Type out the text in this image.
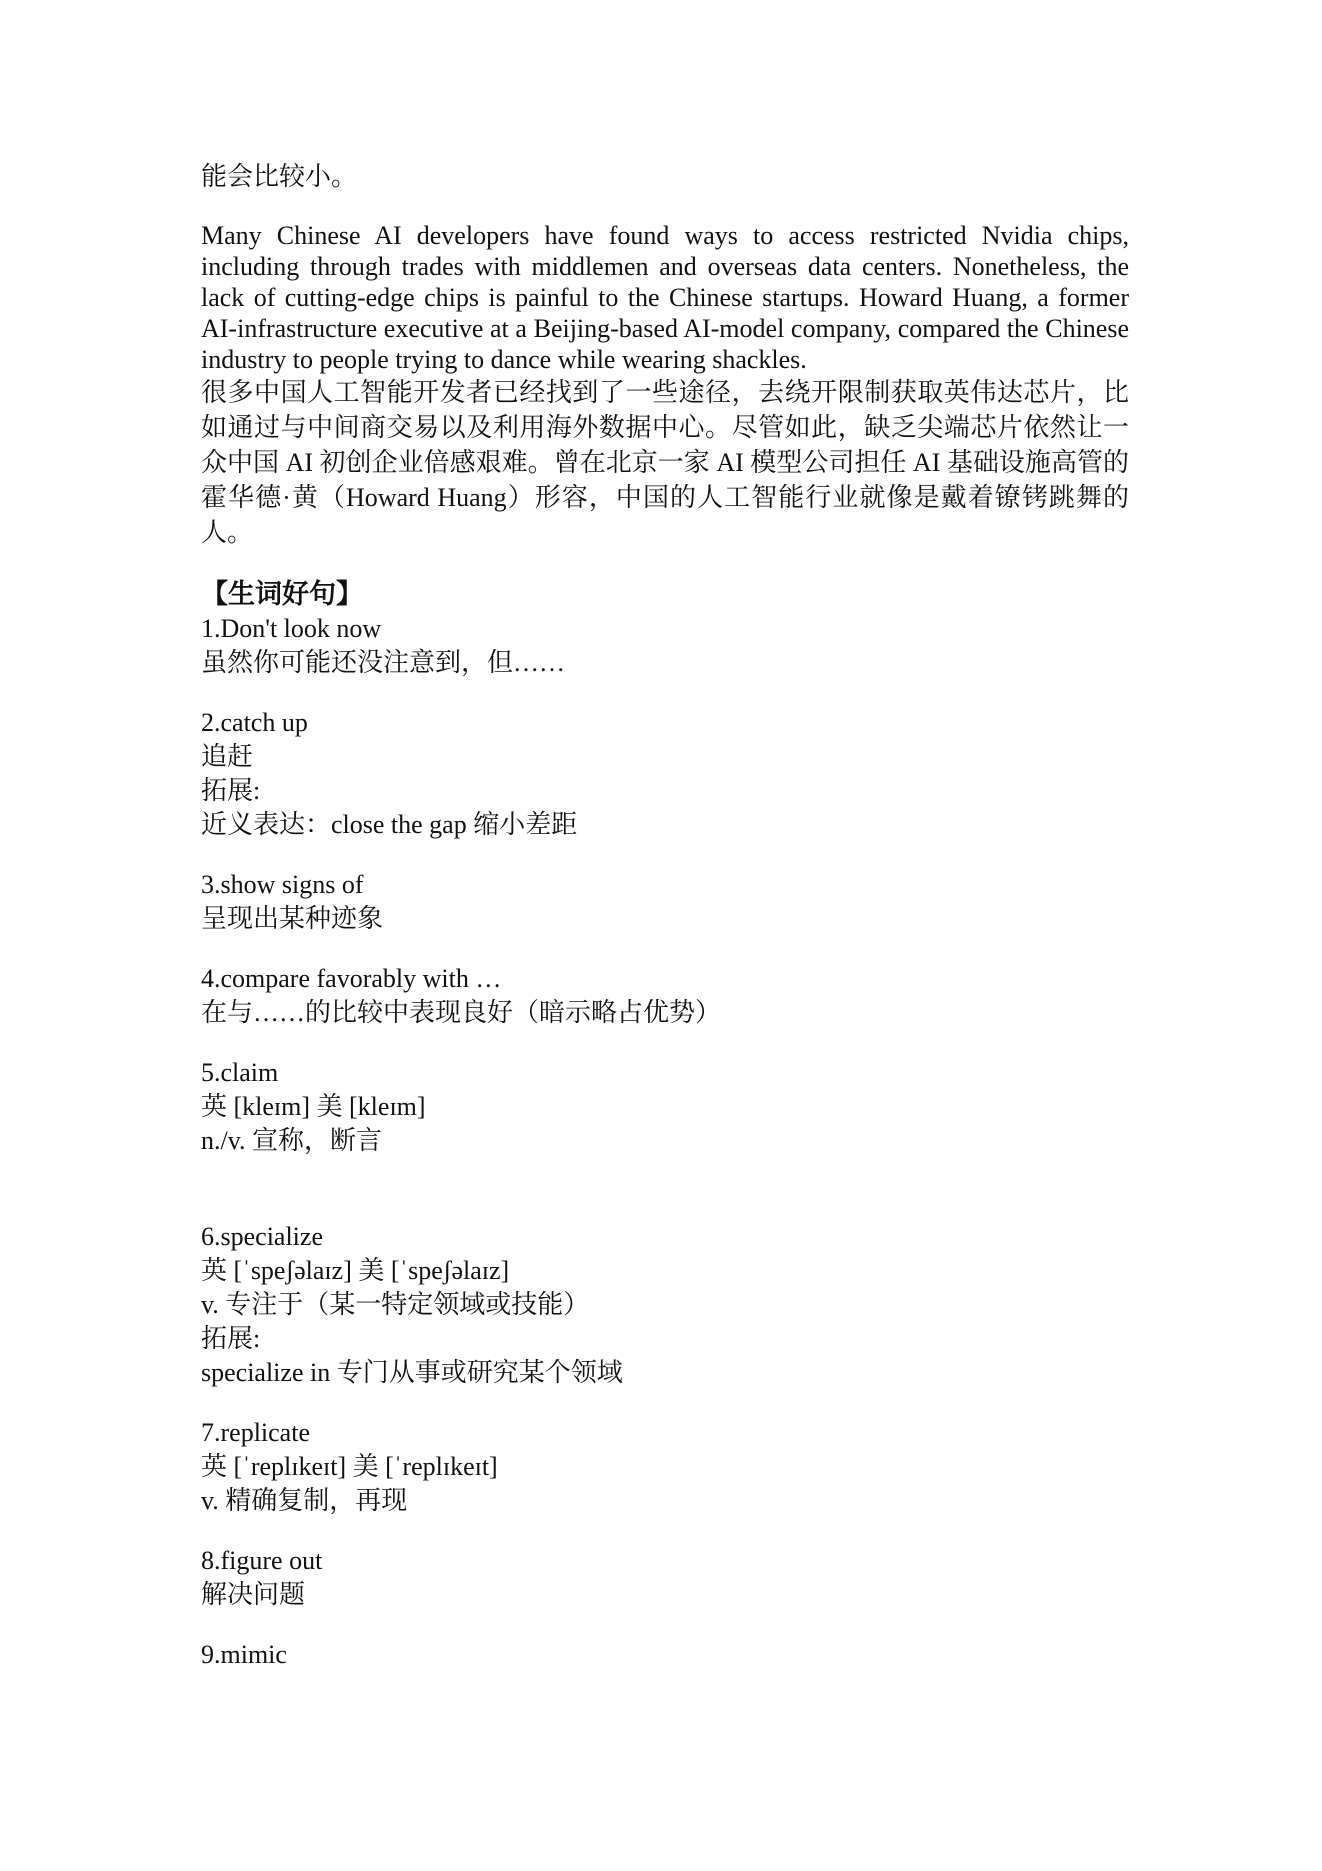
能会比较小。

Many Chinese AI developers have found ways to access restricted Nvidia chips, including through trades with middlemen and overseas data centers. Nonetheless, the lack of cutting-edge chips is painful to the Chinese startups. Howard Huang, a former AI-infrastructure executive at a Beijing-based AI-model company, compared the Chinese industry to people trying to dance while wearing shackles.

很多中国人工智能开发者已经找到了一些途径，去绕开限制获取英伟达芯片，比如通过与中间商交易以及利用海外数据中心。尽管如此，缺乏尖端芯片依然让一众中国 AI 初创企业倍感艰难。曾在北京一家 AI 模型公司担任 AI 基础设施高管的霍华德·黄（Howard Huang）形容，中国的人工智能行业就像是戴着镣铐跳舞的人。

【生词好句】

1.Don't look now

虽然你可能还没注意到，但……

2.catch up

追赶

拓展:

近义表达：close the gap 缩小差距

3.show signs of

呈现出某种迹象

4.compare favorably with …

在与……的比较中表现良好（暗示略占优势）

5.claim

英 [kleɪm] 美 [kleɪm]

n./v. 宣称，断言

6.specialize

英 [ˈspeʃəlaɪz] 美 [ˈspeʃəlaɪz]

v. 专注于（某一特定领域或技能）

拓展:

specialize in 专门从事或研究某个领域

7.replicate

英 [ˈreplɪkeɪt] 美 [ˈreplɪkeɪt]

v. 精确复制，再现

8.figure out

解决问题

9.mimic
